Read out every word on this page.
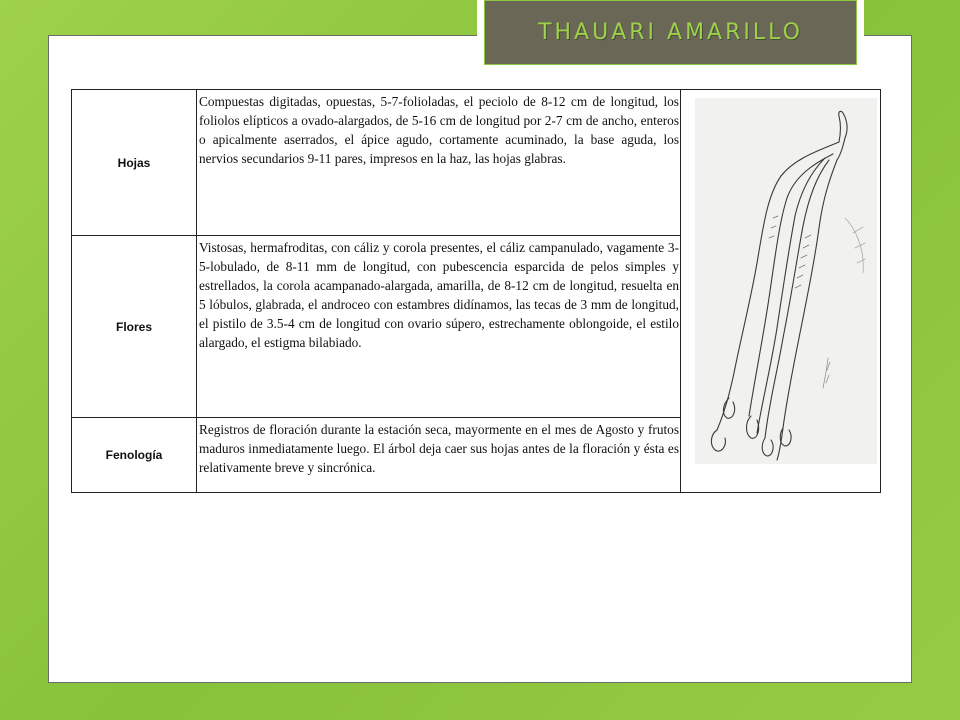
THAUARI AMARILLO
Hojas	Compuestas digitadas, opuestas, 5-7-folioladas, el peciolo de 8-12 cm de longitud, los foliolos elípticos a ovado-alargados, de 5-16 cm de longitud por 2-7 cm de ancho, enteros o apicalmente aserrados, el ápice agudo, cortamente acuminado, la base aguda, los nervios secundarios 9-11 pares, impresos en la haz, las hojas glabras.	

Flores	Vistosas, hermafroditas, con cáliz y corola presentes, el cáliz campanulado, vagamente 3-5-lobulado, de 8-11 mm de longitud, con pubescencia esparcida de pelos simples y estrellados, la corola acampanado-alargada, amarilla, de 8-12 cm de longitud, resuelta en 5 lóbulos, glabrada, el androceo con estambres didínamos, las tecas de 3 mm de longitud, el pistilo de 3.5-4 cm de longitud con ovario súpero, estrechamente oblongoide, el estilo alargado, el estigma bilabiado.	
Fenología	Registros de floración durante la estación seca, mayormente en el mes de Agosto y frutos maduros inmediatamente luego. El árbol deja caer sus hojas antes de la floración y ésta es relativamente breve y sincrónica.	
